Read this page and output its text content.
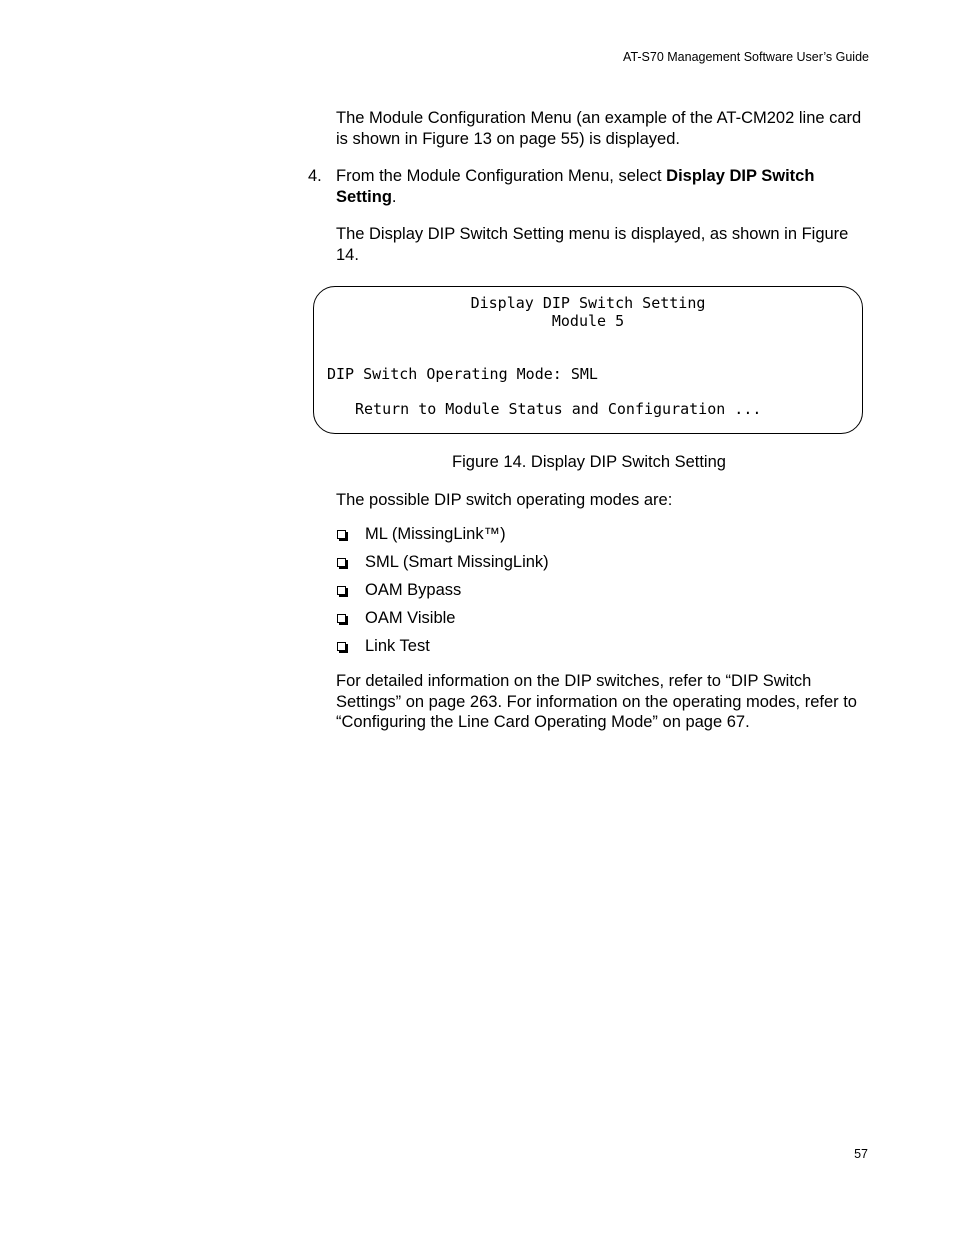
AT-S70 Management Software User’s Guide
The Module Configuration Menu (an example of the AT-CM202 line card is shown in Figure 13 on page 55) is displayed.
4. From the Module Configuration Menu, select Display DIP Switch Setting.
The Display DIP Switch Setting menu is displayed, as shown in Figure 14.
Display DIP Switch Setting
Module 5
DIP Switch Operating Mode: SML
Return to Module Status and Configuration ...
Figure 14. Display DIP Switch Setting
The possible DIP switch operating modes are:
ML (MissingLink™)
SML (Smart MissingLink)
OAM Bypass
OAM Visible
Link Test
For detailed information on the DIP switches, refer to “DIP Switch Settings” on page 263. For information on the operating modes, refer to “Configuring the Line Card Operating Mode” on page 67.
57
